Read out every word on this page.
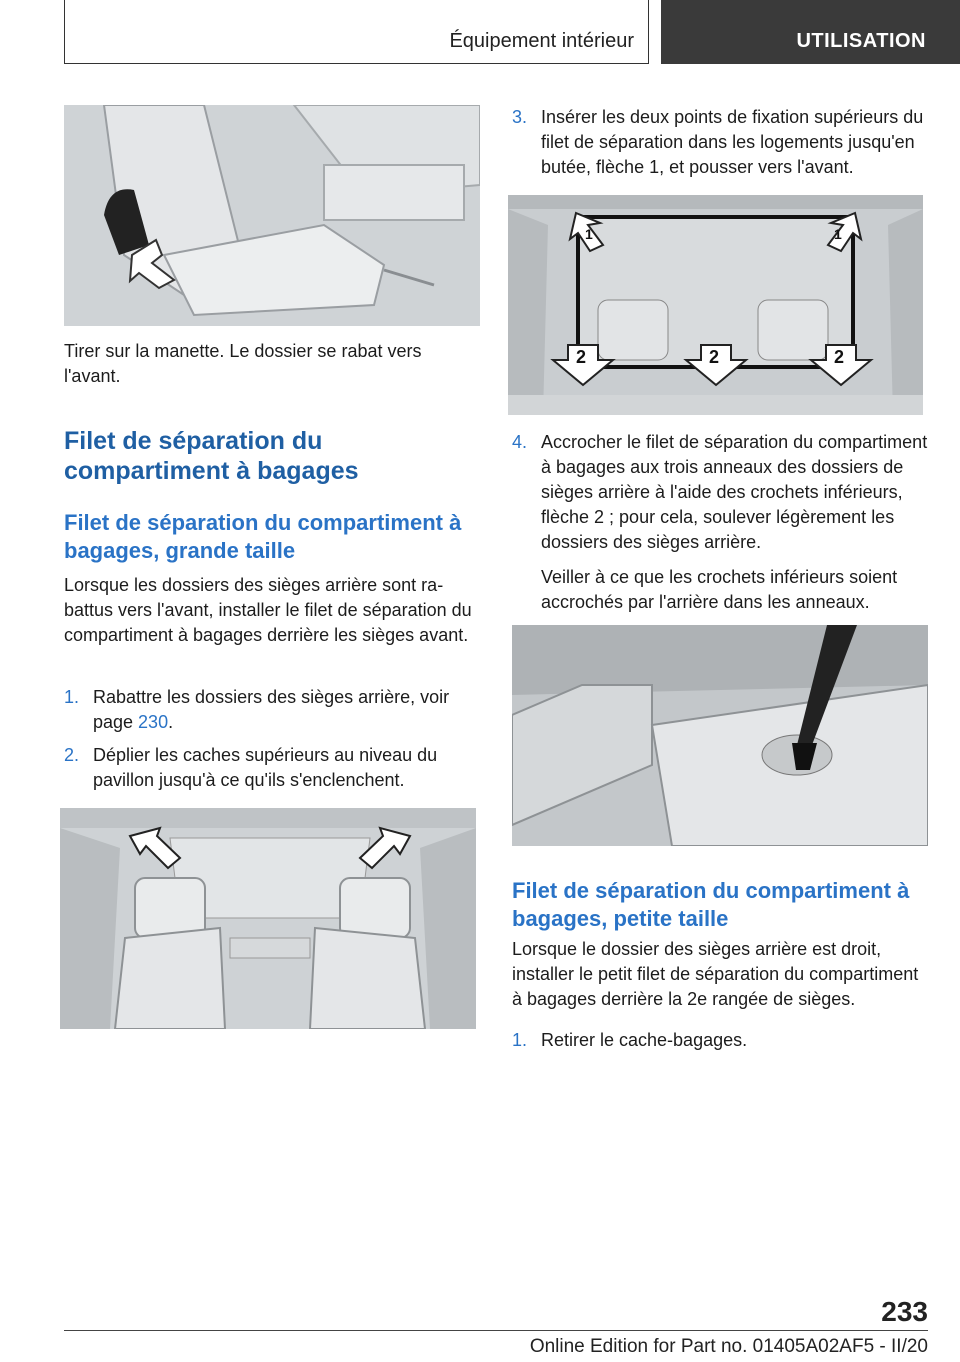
Équipement intérieur	UTILISATION
Tirer sur la manette. Le dossier se rabat vers l'avant.
Filet de séparation du compartiment à bagages
Filet de séparation du compartiment à bagages, grande taille
Lorsque les dossiers des sièges arrière sont rabattus vers l'avant, installer le filet de séparation du compartiment à bagages derrière les sièges avant.
1. Rabattre les dossiers des sièges arrière, voir page 230.
2. Déplier les caches supérieurs au niveau du pavillon jusqu'à ce qu'ils s'enclenchent.
3. Insérer les deux points de fixation supérieurs du filet de séparation dans les logements jusqu'en butée, flèche 1, et pousser vers l'avant.
1	1
2	2	2
4. Accrocher le filet de séparation du compartiment à bagages aux trois anneaux des dossiers de sièges arrière à l'aide des crochets inférieurs, flèche 2 ; pour cela, soulever légèrement les dossiers des sièges arrière.
Veiller à ce que les crochets inférieurs soient accrochés par l'arrière dans les anneaux.
Filet de séparation du compartiment à bagages, petite taille
Lorsque le dossier des sièges arrière est droit, installer le petit filet de séparation du compartiment à bagages derrière la 2e rangée de sièges.
1. Retirer le cache-bagages.
233
Online Edition for Part no. 01405A02AF5 - II/20
